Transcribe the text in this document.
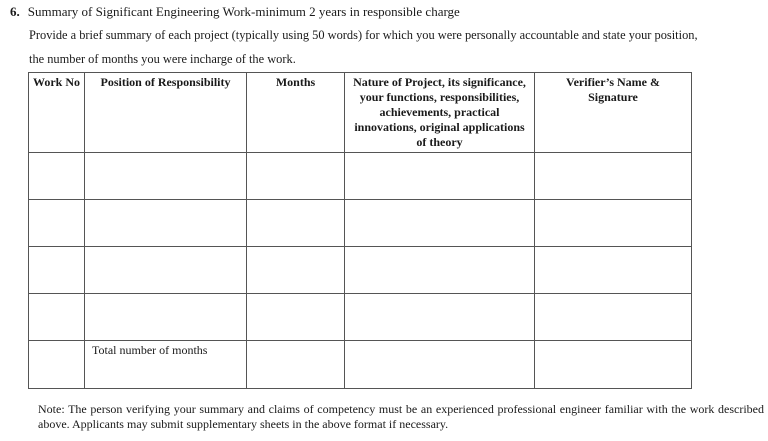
6. Summary of Significant Engineering Work-minimum 2 years in responsible charge
Provide a brief summary of each project (typically using 50 words) for which you were personally accountable and state your position,
the number of months you were incharge of the work.
Work No	Position of Responsibility	Months	Nature of Project, its significance, your functions, responsibilities, achievements, practical innovations, original applications of theory	Verifier’s Name & Signature

	Total number of months			
Note: The person verifying your summary and claims of competency must be an experienced professional engineer familiar with the work described above. Applicants may submit supplementary sheets in the above format if necessary.
